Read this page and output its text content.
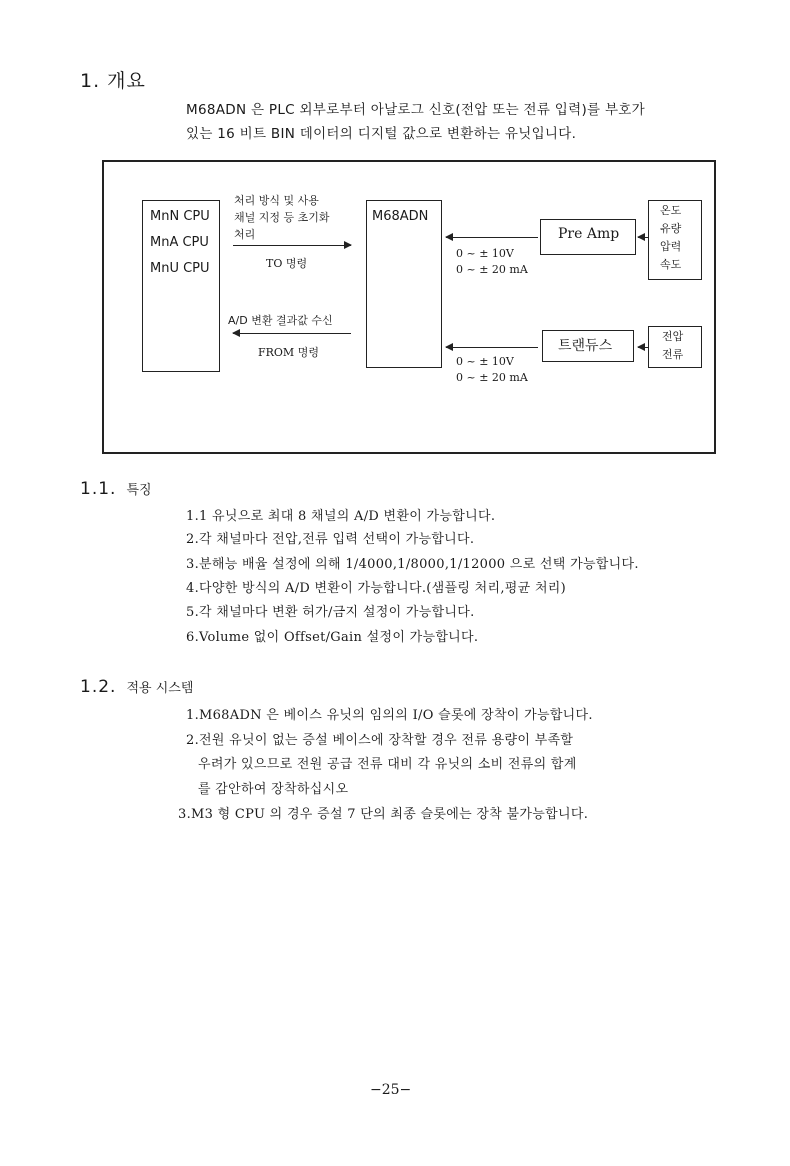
1. 개요
M68ADN 은 PLC 외부로부터 아날로그 신호(전압 또는 전류 입력)를 부호가
있는 16 비트 BIN 데이터의 디지털 값으로 변환하는 유닛입니다.
MnN CPU
MnA CPU
MnU CPU
처리 방식 및 사용
채널 지정 등 초기화
처리
TO 명령
A/D 변환 결과값 수신
FROM 명령
M68ADN
0 ~ ± 10V
0 ~ ± 20 mA
Pre Amp
온도
유량
압력
속도
0 ~ ± 10V
0 ~ ± 20 mA
트랜듀스
전압
전류
1.1. 특징
1.1 유닛으로 최대 8 채널의 A/D 변환이 가능합니다.
2.각 채널마다 전압,전류 입력 선택이 가능합니다.
3.분해능 배율 설정에 의해 1/4000,1/8000,1/12000 으로 선택 가능합니다.
4.다양한 방식의 A/D 변환이 가능합니다.(샘플링 처리,평균 처리)
5.각 채널마다 변환 허가/금지 설정이 가능합니다.
6.Volume 없이 Offset/Gain 설정이 가능합니다.
1.2. 적용 시스템
1.M68ADN 은 베이스 유닛의 임의의 I/O 슬롯에 장착이 가능합니다.
2.전원 유닛이 없는 증설 베이스에 장착할 경우 전류 용량이 부족할
우려가 있으므로 전원 공급 전류 대비 각 유닛의 소비 전류의 합계
를 감안하여 장착하십시오
3.M3 형 CPU 의 경우 증설 7 단의 최종 슬롯에는 장착 불가능합니다.
−25−
